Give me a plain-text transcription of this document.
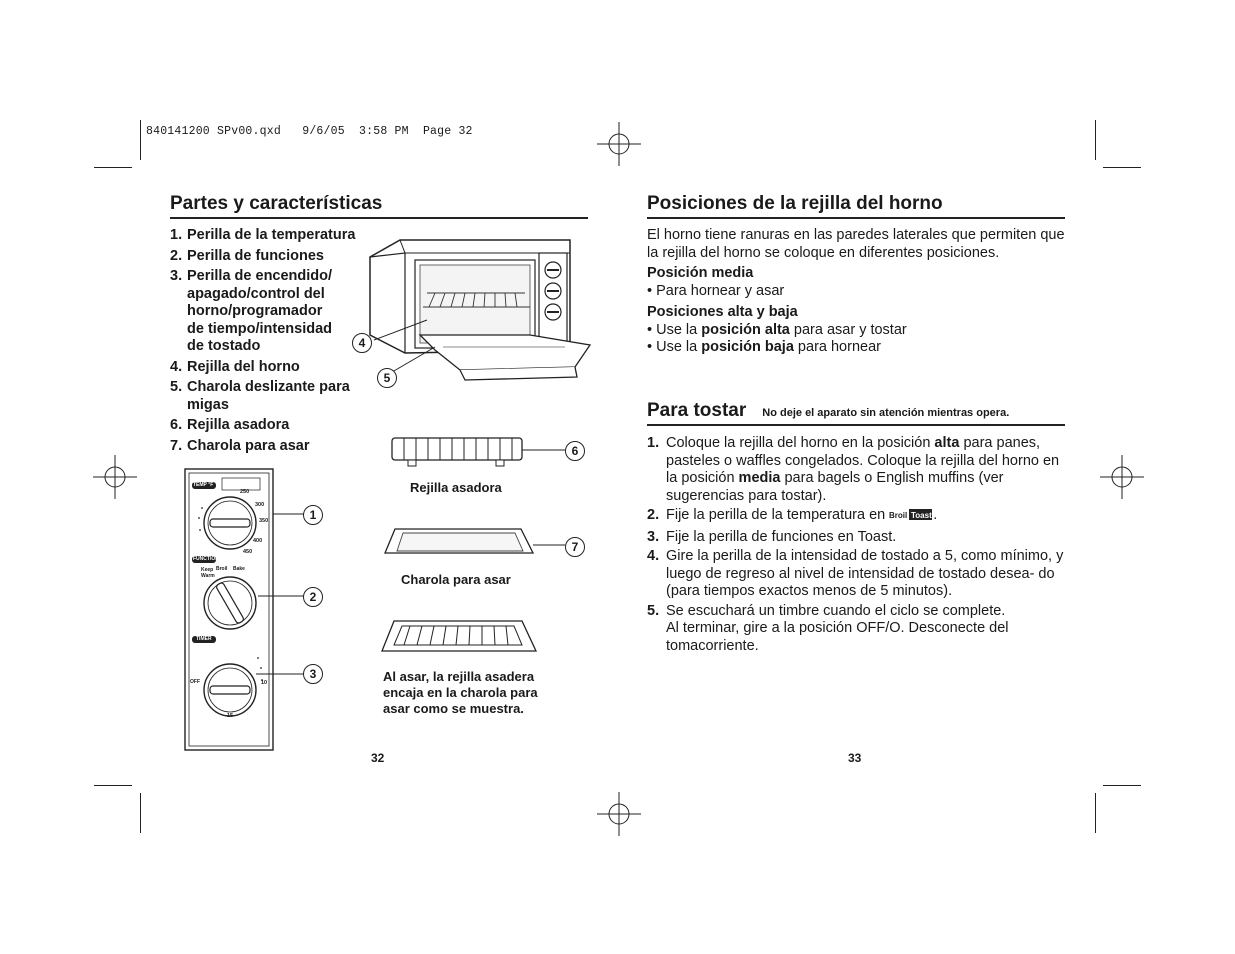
840141200 SPv00.qxd   9/6/05  3:58 PM  Page 32
Partes y características
1. Perilla de la temperatura
2. Perilla de funciones
3. Perilla de encendido/ apagado/control del horno/programador de tiempo/intensidad de tostado
4. Rejilla del horno
5. Charola deslizante para migas
6. Rejilla asadora
7. Charola para asar
4
5
6
Rejilla asadora
7
Charola para asar
Al asar, la rejilla asadera encaja en la charola para asar como se muestra.
TEMP °F
FUNCTION
TIMER
250
300
350
400
450
Keep Warm
Broil Bake
10
15
OFF
1
2
3
32
Posiciones de la rejilla del horno
El horno tiene ranuras en las paredes laterales que permiten que la rejilla del horno se coloque en diferentes posiciones.
Posición media
• Para hornear y asar
Posiciones alta y baja
• Use la posición alta para asar y tostar
• Use la posición baja para hornear
Para tostar No deje el aparato sin atención mientras opera.
1. Coloque la rejilla del horno en la posición alta para panes, pasteles o waffles congelados. Coloque la rejilla del horno en la posición media para bagels o English muffins (ver sugerencias para tostar).
2. Fije la perilla de la temperatura en Broil Toast .
3. Fije la perilla de funciones en Toast.
4. Gire la perilla de la intensidad de tostado a 5, como mínimo, y luego de regreso al nivel de intensidad de tostado desea- do (para tiempos exactos menos de 5 minutos).
5. Se escuchará un timbre cuando el ciclo se complete.
Al terminar, gire a la posición OFF/O. Desconecte del tomacorriente.
33
